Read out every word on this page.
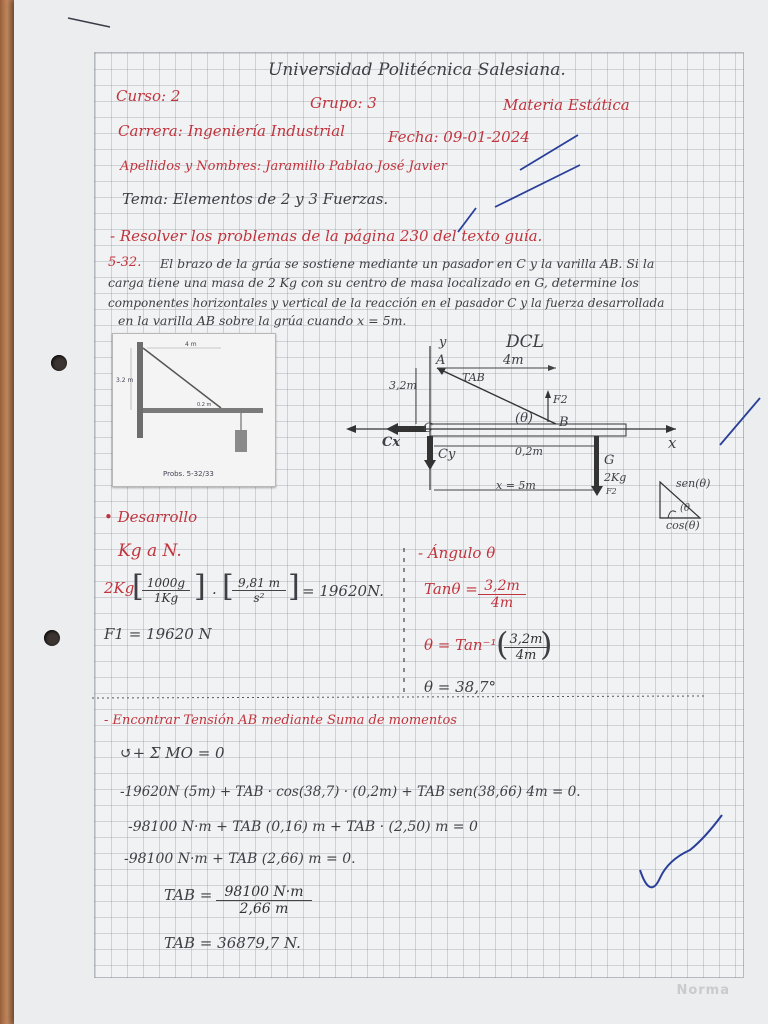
Universidad Politécnica Salesiana.
Curso: 2	Grupo: 3	Materia Estática
Carrera: Ingeniería Industrial	Fecha: 09-01-2024
Apellidos y Nombres: Jaramillo Pablao José Javier
Tema: Elementos de 2 y 3 Fuerzas.
- Resolver los problemas de la página 230 del texto guía.
5-32. El brazo de la grúa se sostiene mediante un pasador en C y la varilla AB. Si la
carga tiene una masa de 2 Kg con su centro de masa localizado en G, determine los
componentes horizontales y vertical de la reacción en el pasador C y la fuerza desarrollada
en la varilla AB sobre la grúa cuando x = 5m.
4 m
3.2 m
0.2 m
Probs. 5-32/33
DCL
y
x
A
B
C
G
4m
3,2m
TAB
(θ)
F2
Cx
Cy	0,2m
x = 5m
2Kg
F2
sen(θ)
cos(θ)
(θ
• Desarrollo
Kg a N.
2Kg
[
$\frac{1000g}{1Kg}$ ] · [
$\frac{9,81 m}{\text{s²}}$ ] = 19620N.
F1 = 19620 N
- Ángulo θ
$Tan\theta = \frac{3,2m}{4m}$
θ = Tan⁻¹ (
$\frac{3,2m}{4m}$
)
θ = 38,7°
- Encontrar Tensión AB mediante Suma de momentos
↺+ Σ MO = 0
-19620N (5m) + TAB · cos(38,7) · (0,2m) + TAB sen(38,66) 4m = 0.
-98100 N·m + TAB (0,16) m + TAB · (2,50) m = 0
-98100 N·m + TAB (2,66) m = 0.
TAB = $\frac{98100 N\cdot m}{2,66 m}$
TAB = 36879,7 N.
Norma
